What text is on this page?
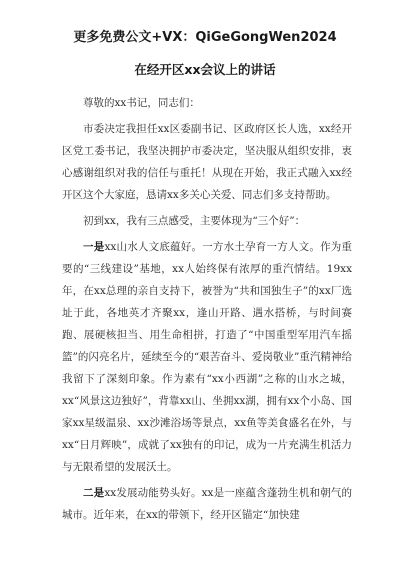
更多免费公文+VX：QiGeGongWen2024
在经开区xx会议上的讲话

尊敬的xx书记，同志们：

市委决定我担任xx区委副书记、区政府区长人选，xx经开区党工委书记，我坚决拥护市委决定，坚决服从组织安排，衷心感谢组织对我的信任与重托！从现在开始，我正式融入xx经开区这个大家庭，恳请xx多关心关爱、同志们多支持帮助。

初到xx，我有三点感受，主要体现为“三个好”：

一是xx山水人文底蕴好。一方水土孕育一方人文。作为重要的“三线建设”基地，xx人始终保有浓厚的重汽情结。19xx年，在xx总理的亲自支持下，被誉为“共和国独生子”的xx厂选址于此，各地英才齐聚xx，逢山开路、遇水搭桥，与时间赛跑、展硬核担当、用生命相拼，打造了“中国重型军用汽车摇篮”的闪亮名片，延续至今的“艰苦奋斗、爱岗敬业”重汽精神给我留下了深刻印象。作为素有“xx小西湖”之称的山水之城，xx“风景这边独好”，背靠xx山、坐拥xx湖，拥有xx个小岛、国家xx星级温泉、xx沙滩浴场等景点，xx鱼等美食盛名在外，与xx“日月辉映”，成就了xx独有的印记，成为一片充满生机活力与无限希望的发展沃土。

二是xx发展动能势头好。xx是一座蕴含蓬勃生机和朝气的城市。近年来，在xx的带领下，经开区锚定“加快建
